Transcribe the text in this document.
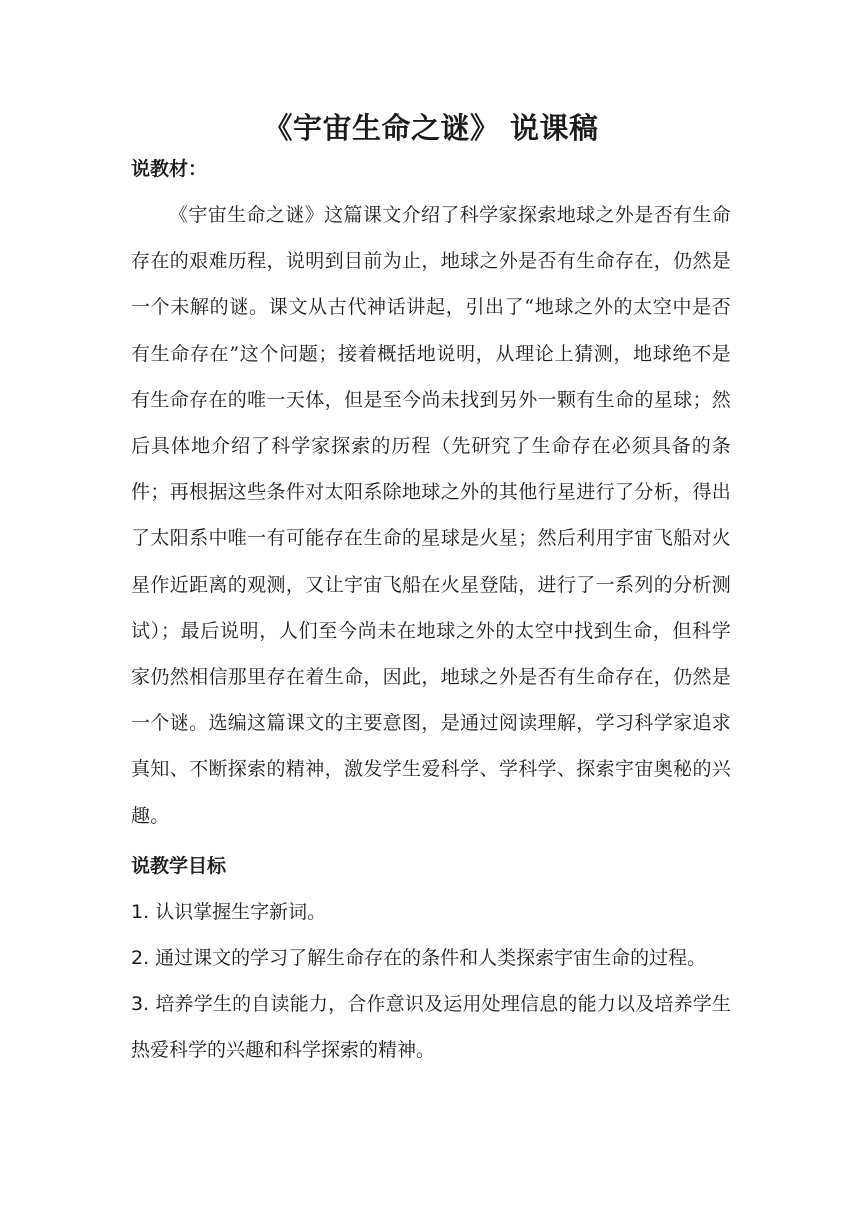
《宇宙生命之谜》 说课稿
说教材：

《宇宙生命之谜》这篇课文介绍了科学家探索地球之外是否有生命存在的艰难历程，说明到目前为止，地球之外是否有生命存在，仍然是一个未解的谜。课文从古代神话讲起，引出了“地球之外的太空中是否有生命存在”这个问题；接着概括地说明，从理论上猜测，地球绝不是有生命存在的唯一天体，但是至今尚未找到另外一颗有生命的星球；然后具体地介绍了科学家探索的历程（先研究了生命存在必须具备的条件；再根据这些条件对太阳系除地球之外的其他行星进行了分析，得出了太阳系中唯一有可能存在生命的星球是火星；然后利用宇宙飞船对火星作近距离的观测，又让宇宙飞船在火星登陆，进行了一系列的分析测试）；最后说明，人们至今尚未在地球之外的太空中找到生命，但科学家仍然相信那里存在着生命，因此，地球之外是否有生命存在，仍然是一个谜。选编这篇课文的主要意图，是通过阅读理解，学习科学家追求真知、不断探索的精神，激发学生爱科学、学科学、探索宇宙奥秘的兴趣。

说教学目标
1. 认识掌握生字新词。
2. 通过课文的学习了解生命存在的条件和人类探索宇宙生命的过程。
3. 培养学生的自读能力，合作意识及运用处理信息的能力以及培养学生热爱科学的兴趣和科学探索的精神。
